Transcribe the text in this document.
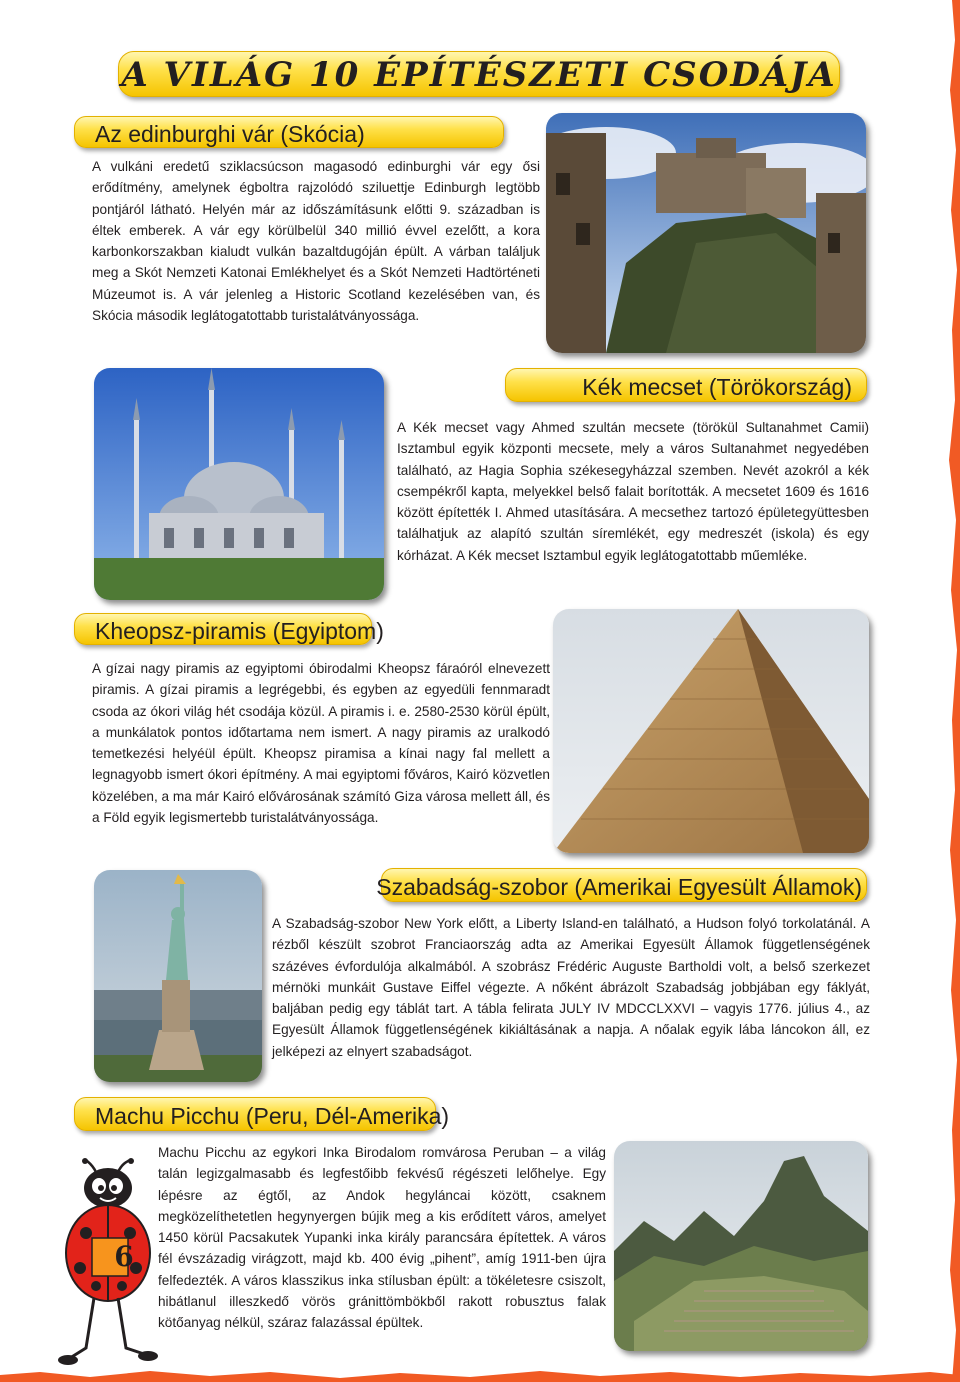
A VILÁG 10 ÉPÍTÉSZETI CSODÁJA
Az edinburghi vár (Skócia)

A vulkáni eredetű sziklacsúcson magasodó edinburghi vár egy ősi erődítmény, amelynek égboltra rajzolódó sziluettje Edinburgh legtöbb pontjáról látható. Helyén már az időszámításunk előtti 9. században is éltek emberek. A vár egy körülbelül 340 millió évvel ezelőtt, a kora karbonkorszakban kialudt vulkán bazaltdugóján épült. A várban találjuk meg a Skót Nemzeti Katonai Emlékhelyet és a Skót Nemzeti Hadtörténeti Múzeumot is. A vár jelenleg a Historic Scotland kezelésében van, és Skócia második leglátogatottabb turistalátványossága.

Kék mecset (Törökország)

A Kék mecset vagy Ahmed szultán mecsete (törökül Sultanahmet Camii) Isztambul egyik központi mecsete, mely a város Sultanahmet negyedében található, az Hagia Sophia székesegyházzal szemben. Nevét azokról a kék csempékről kapta, melyekkel belső falait borították. A mecsetet 1609 és 1616 között építették I. Ahmed utasítására. A mecsethez tartozó épületegyüttesben találhatjuk az alapító szultán síremlékét, egy medreszét (iskola) és egy kórházat. A Kék mecset Isztambul egyik leglátogatottabb műemléke.

Kheopsz-piramis (Egyiptom)

A gízai nagy piramis az egyiptomi óbirodalmi Kheopsz fáraóról elnevezett piramis. A gízai piramis a legrégebbi, és egyben az egyedüli fennmaradt csoda az ókori világ hét csodája közül. A piramis i. e. 2580-2530 körül épült, a munkálatok pontos időtartama nem ismert. A nagy piramis az uralkodó temetkezési helyéül épült. Kheopsz piramisa a kínai nagy fal mellett a legnagyobb ismert ókori építmény. A mai egyiptomi főváros, Kairó közvetlen közelében, a ma már Kairó elővárosának számító Giza városa mellett áll, és a Föld egyik legismertebb turistalátványossága.

Szabadság-szobor (Amerikai Egyesült Államok)

A Szabadság-szobor New York előtt, a Liberty Island-en található, a Hudson folyó torkolatánál. A rézből készült szobrot Franciaország adta az Amerikai Egyesült Államok függetlenségének százéves évfordulója alkalmából. A szobrász Frédéric Auguste Bartholdi volt, a belső szerkezet mérnöki munkáit Gustave Eiffel végezte. A nőként ábrázolt Szabadság jobbjában egy fáklyát, baljában pedig egy táblát tart. A tábla felirata JULY IV MDCCLXXVI – vagyis 1776. július 4., az Egyesült Államok függetlenségének kikiáltásának a napja. A nőalak egyik lába láncokon áll, ez jelképezi az elnyert szabadságot.

Machu Picchu (Peru, Dél-Amerika)

Machu Picchu az egykori Inka Birodalom romvárosa Peruban – a világ talán legizgalmasabb és legfestőibb fekvésű régészeti lelőhelye. Egy lépésre az égtől, az Andok hegyláncai között, csaknem megközelíthetetlen hegynyergen bújik meg a kis erődített város, amelyet 1450 körül Pacsakutek Yupanki inka király parancsára építettek. A város fél évszázadig virágzott, majd kb. 400 évig „pihent”, amíg 1911-ben újra felfedezték. A város klasszikus inka stílusban épült: a tökéletesre csiszolt, hibátlanul illeszkedő vörös gránittömbökből rakott robusztus falak kötőanyag nélkül, száraz falazással épültek.

6
